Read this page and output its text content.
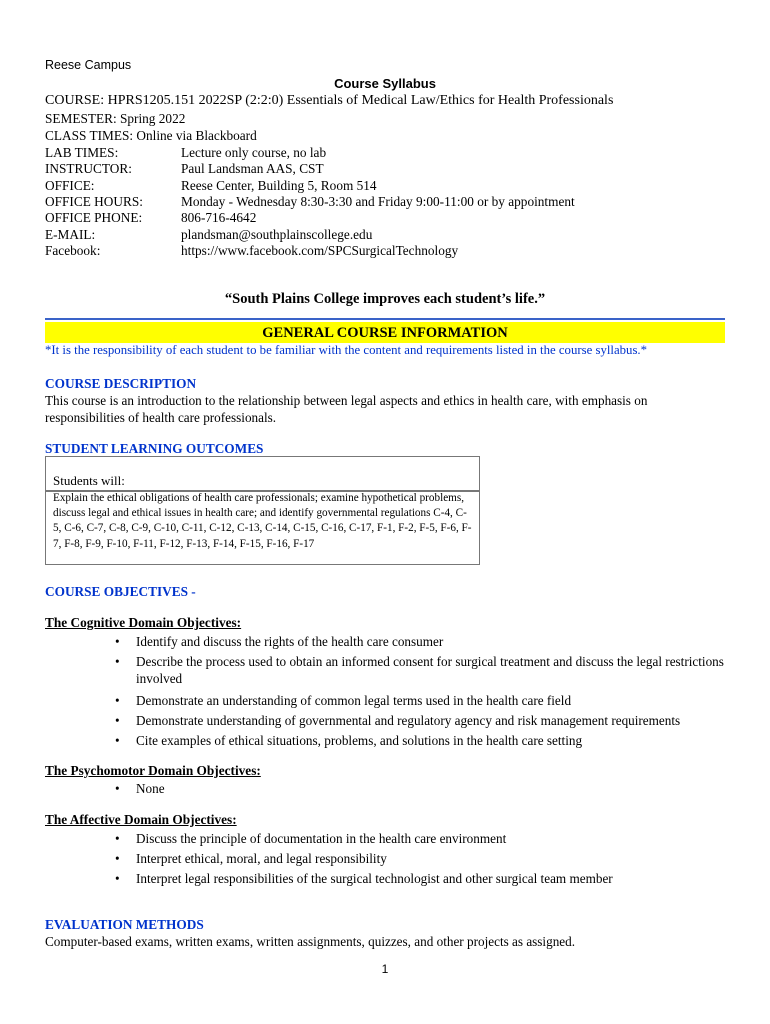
Reese Campus
Course Syllabus
COURSE: HPRS1205.151 2022SP (2:2:0) Essentials of Medical Law/Ethics for Health Professionals
SEMESTER: Spring 2022
CLASS TIMES: Online via Blackboard
LAB TIMES:	Lecture only course, no lab
INSTRUCTOR:	Paul Landsman AAS, CST
OFFICE:	Reese Center, Building 5, Room 514
OFFICE HOURS:	Monday - Wednesday 8:30-3:30 and Friday 9:00-11:00 or by appointment
OFFICE PHONE:	806-716-4642
E-MAIL:	plandsman@southplainscollege.edu
Facebook:	https://www.facebook.com/SPCSurgicalTechnology
“South Plains College improves each student’s life.”
GENERAL COURSE INFORMATION
*It is the responsibility of each student to be familiar with the content and requirements listed in the course syllabus.*
COURSE DESCRIPTION
This course is an introduction to the relationship between legal aspects and ethics in health care, with emphasis on responsibilities of health care professionals.
STUDENT LEARNING OUTCOMES
Students will:
Explain the ethical obligations of health care professionals; examine hypothetical problems, discuss legal and ethical issues in health care; and identify governmental regulations C-4, C-5, C-6, C-7, C-8, C-9, C-10, C-11, C-12, C-13, C-14, C-15, C-16, C-17, F-1, F-2, F-5, F-6, F-7, F-8, F-9, F-10, F-11, F-12, F-13, F-14, F-15, F-16, F-17
COURSE OBJECTIVES -
The Cognitive Domain Objectives:
• Identify and discuss the rights of the health care consumer
• Describe the process used to obtain an informed consent for surgical treatment and discuss the legal restrictions involved
• Demonstrate an understanding of common legal terms used in the health care field
• Demonstrate understanding of governmental and regulatory agency and risk management requirements
• Cite examples of ethical situations, problems, and solutions in the health care setting
The Psychomotor Domain Objectives:
• None
The Affective Domain Objectives:
• Discuss the principle of documentation in the health care environment
• Interpret ethical, moral, and legal responsibility
• Interpret legal responsibilities of the surgical technologist and other surgical team member
EVALUATION METHODS
Computer-based exams, written exams, written assignments, quizzes, and other projects as assigned.
1
